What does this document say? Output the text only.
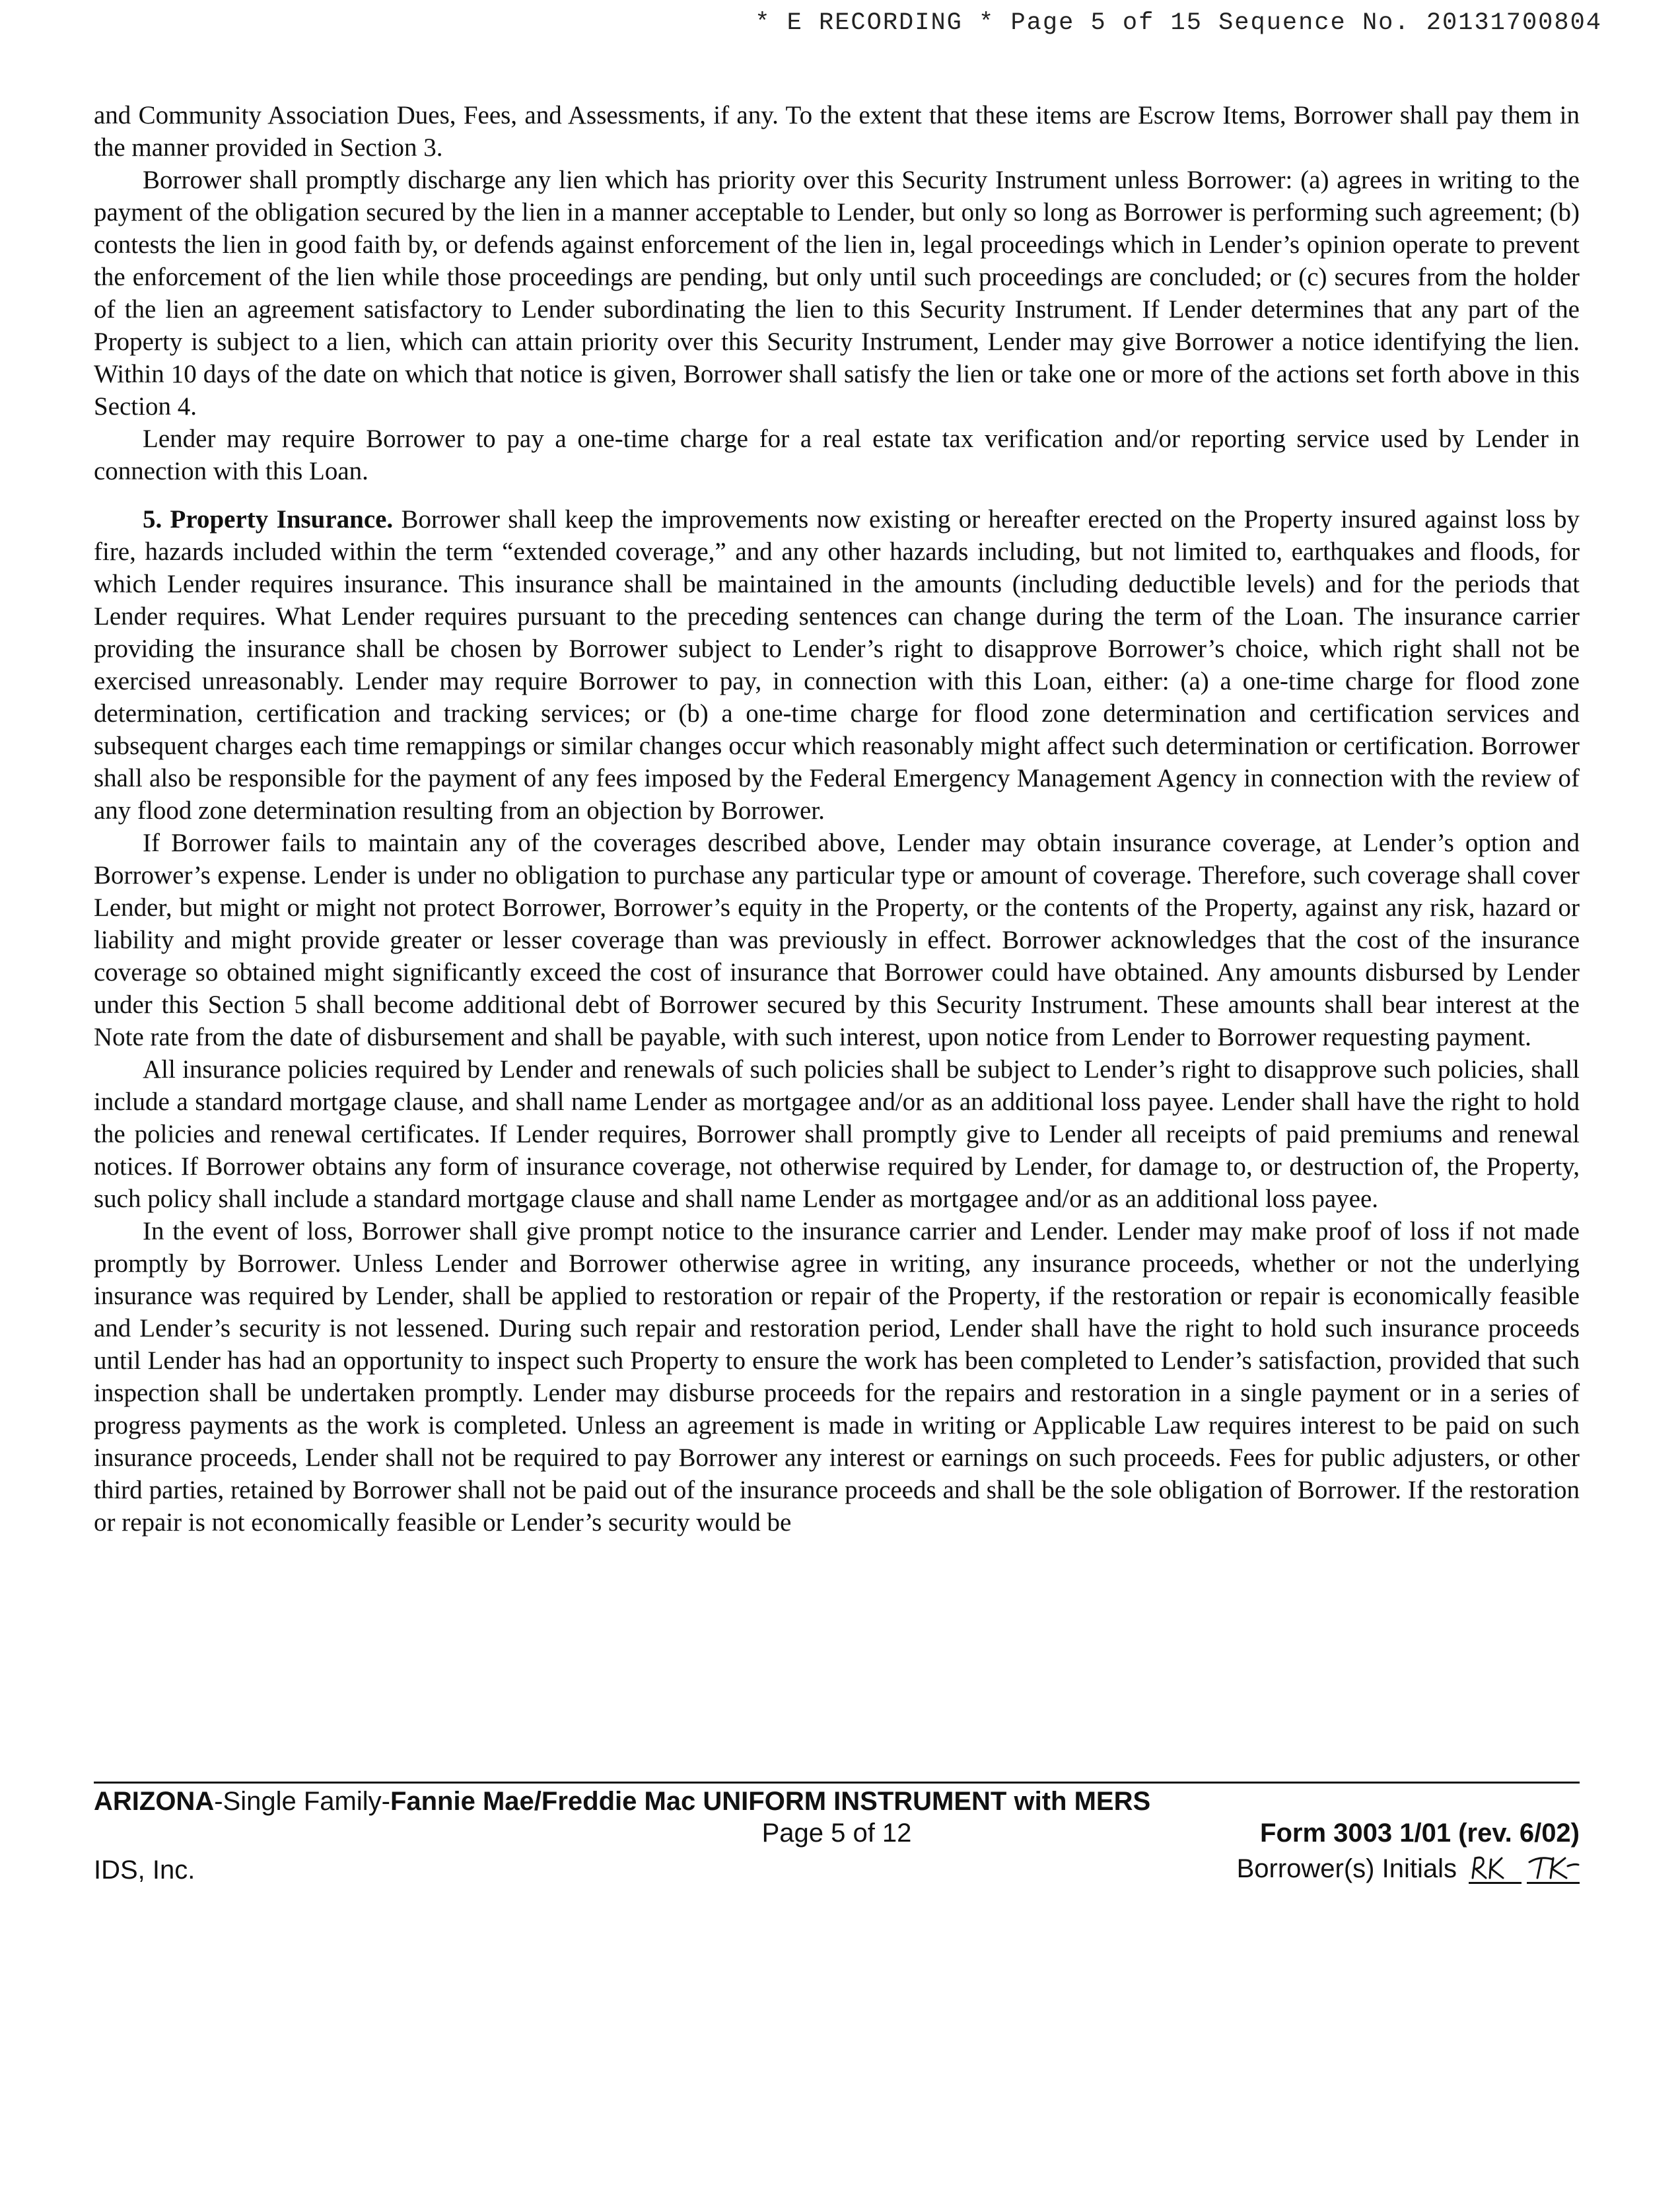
* E RECORDING * Page 5 of 15 Sequence No. 20131700804

and Community Association Dues, Fees, and Assessments, if any. To the extent that these items are Escrow Items, Borrower shall pay them in the manner provided in Section 3.

Borrower shall promptly discharge any lien which has priority over this Security Instrument unless Borrower: (a) agrees in writing to the payment of the obligation secured by the lien in a manner acceptable to Lender, but only so long as Borrower is performing such agreement; (b) contests the lien in good faith by, or defends against enforcement of the lien in, legal proceedings which in Lender’s opinion operate to prevent the enforcement of the lien while those proceedings are pending, but only until such proceedings are concluded; or (c) secures from the holder of the lien an agreement satisfactory to Lender subordinating the lien to this Security Instrument. If Lender determines that any part of the Property is subject to a lien, which can attain priority over this Security Instrument, Lender may give Borrower a notice identifying the lien. Within 10 days of the date on which that notice is given, Borrower shall satisfy the lien or take one or more of the actions set forth above in this Section 4.

Lender may require Borrower to pay a one-time charge for a real estate tax verification and/or reporting service used by Lender in connection with this Loan.

5. Property Insurance. Borrower shall keep the improvements now existing or hereafter erected on the Property insured against loss by fire, hazards included within the term “extended coverage,” and any other hazards including, but not limited to, earthquakes and floods, for which Lender requires insurance. This insurance shall be maintained in the amounts (including deductible levels) and for the periods that Lender requires. What Lender requires pursuant to the preceding sentences can change during the term of the Loan. The insurance carrier providing the insurance shall be chosen by Borrower subject to Lender’s right to disapprove Borrower’s choice, which right shall not be exercised unreasonably. Lender may require Borrower to pay, in connection with this Loan, either: (a) a one-time charge for flood zone determination, certification and tracking services; or (b) a one-time charge for flood zone determination and certification services and subsequent charges each time remappings or similar changes occur which reasonably might affect such determination or certification. Borrower shall also be responsible for the payment of any fees imposed by the Federal Emergency Management Agency in connection with the review of any flood zone determination resulting from an objection by Borrower.

If Borrower fails to maintain any of the coverages described above, Lender may obtain insurance coverage, at Lender’s option and Borrower’s expense. Lender is under no obligation to purchase any particular type or amount of coverage. Therefore, such coverage shall cover Lender, but might or might not protect Borrower, Borrower’s equity in the Property, or the contents of the Property, against any risk, hazard or liability and might provide greater or lesser coverage than was previously in effect. Borrower acknowledges that the cost of the insurance coverage so obtained might significantly exceed the cost of insurance that Borrower could have obtained. Any amounts disbursed by Lender under this Section 5 shall become additional debt of Borrower secured by this Security Instrument. These amounts shall bear interest at the Note rate from the date of disbursement and shall be payable, with such interest, upon notice from Lender to Borrower requesting payment.

All insurance policies required by Lender and renewals of such policies shall be subject to Lender’s right to disapprove such policies, shall include a standard mortgage clause, and shall name Lender as mortgagee and/or as an additional loss payee. Lender shall have the right to hold the policies and renewal certificates. If Lender requires, Borrower shall promptly give to Lender all receipts of paid premiums and renewal notices. If Borrower obtains any form of insurance coverage, not otherwise required by Lender, for damage to, or destruction of, the Property, such policy shall include a standard mortgage clause and shall name Lender as mortgagee and/or as an additional loss payee.

In the event of loss, Borrower shall give prompt notice to the insurance carrier and Lender. Lender may make proof of loss if not made promptly by Borrower. Unless Lender and Borrower otherwise agree in writing, any insurance proceeds, whether or not the underlying insurance was required by Lender, shall be applied to restoration or repair of the Property, if the restoration or repair is economically feasible and Lender’s security is not lessened. During such repair and restoration period, Lender shall have the right to hold such insurance proceeds until Lender has had an opportunity to inspect such Property to ensure the work has been completed to Lender’s satisfaction, provided that such inspection shall be undertaken promptly. Lender may disburse proceeds for the repairs and restoration in a single payment or in a series of progress payments as the work is completed. Unless an agreement is made in writing or Applicable Law requires interest to be paid on such insurance proceeds, Lender shall not be required to pay Borrower any interest or earnings on such proceeds. Fees for public adjusters, or other third parties, retained by Borrower shall not be paid out of the insurance proceeds and shall be the sole obligation of Borrower. If the restoration or repair is not economically feasible or Lender’s security would be

ARIZONA-Single Family-Fannie Mae/Freddie Mac UNIFORM INSTRUMENT with MERS
Page 5 of 12	Form 3003 1/01 (rev. 6/02)
IDS, Inc.	Borrower(s) Initials
